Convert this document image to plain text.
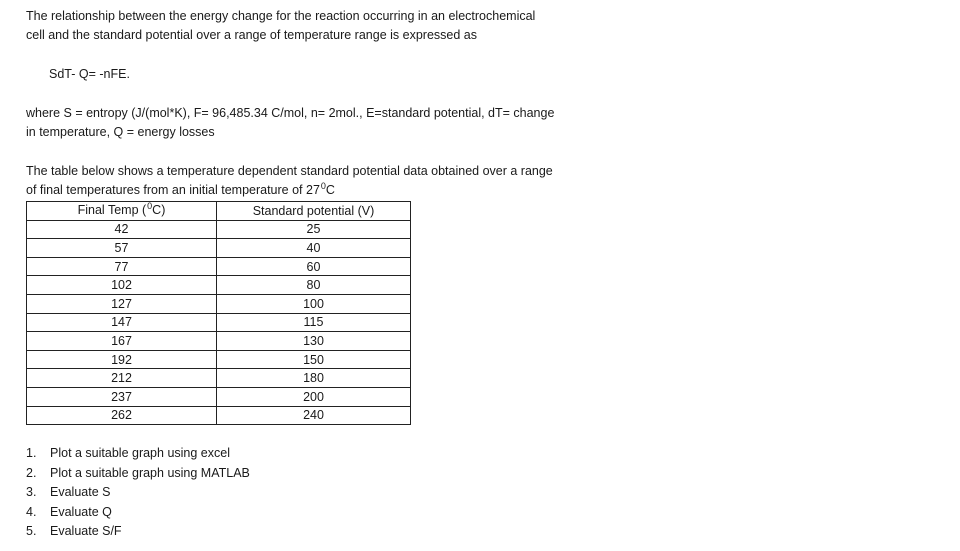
The relationship between the energy change for the reaction occurring in an electrochemical
cell and the standard potential over a range of temperature range is expressed as

SdT- Q= -nFE.

where S = entropy (J/(mol*K), F= 96,485.34 C/mol, n= 2mol., E=standard potential, dT= change
in temperature, Q = energy losses

The table below shows a temperature dependent standard potential data obtained over a range
of final temperatures from an initial temperature of $27^0C$

Final Temp ($^0$C)	Standard potential (V)
42	25
57	40
77	60
102	80
127	100
147	115
167	130
192	150
212	180
237	200
262	240
1. Plot a suitable graph using excel
2. Plot a suitable graph using MATLAB
3. Evaluate S
4. Evaluate Q
5. Evaluate S/F
